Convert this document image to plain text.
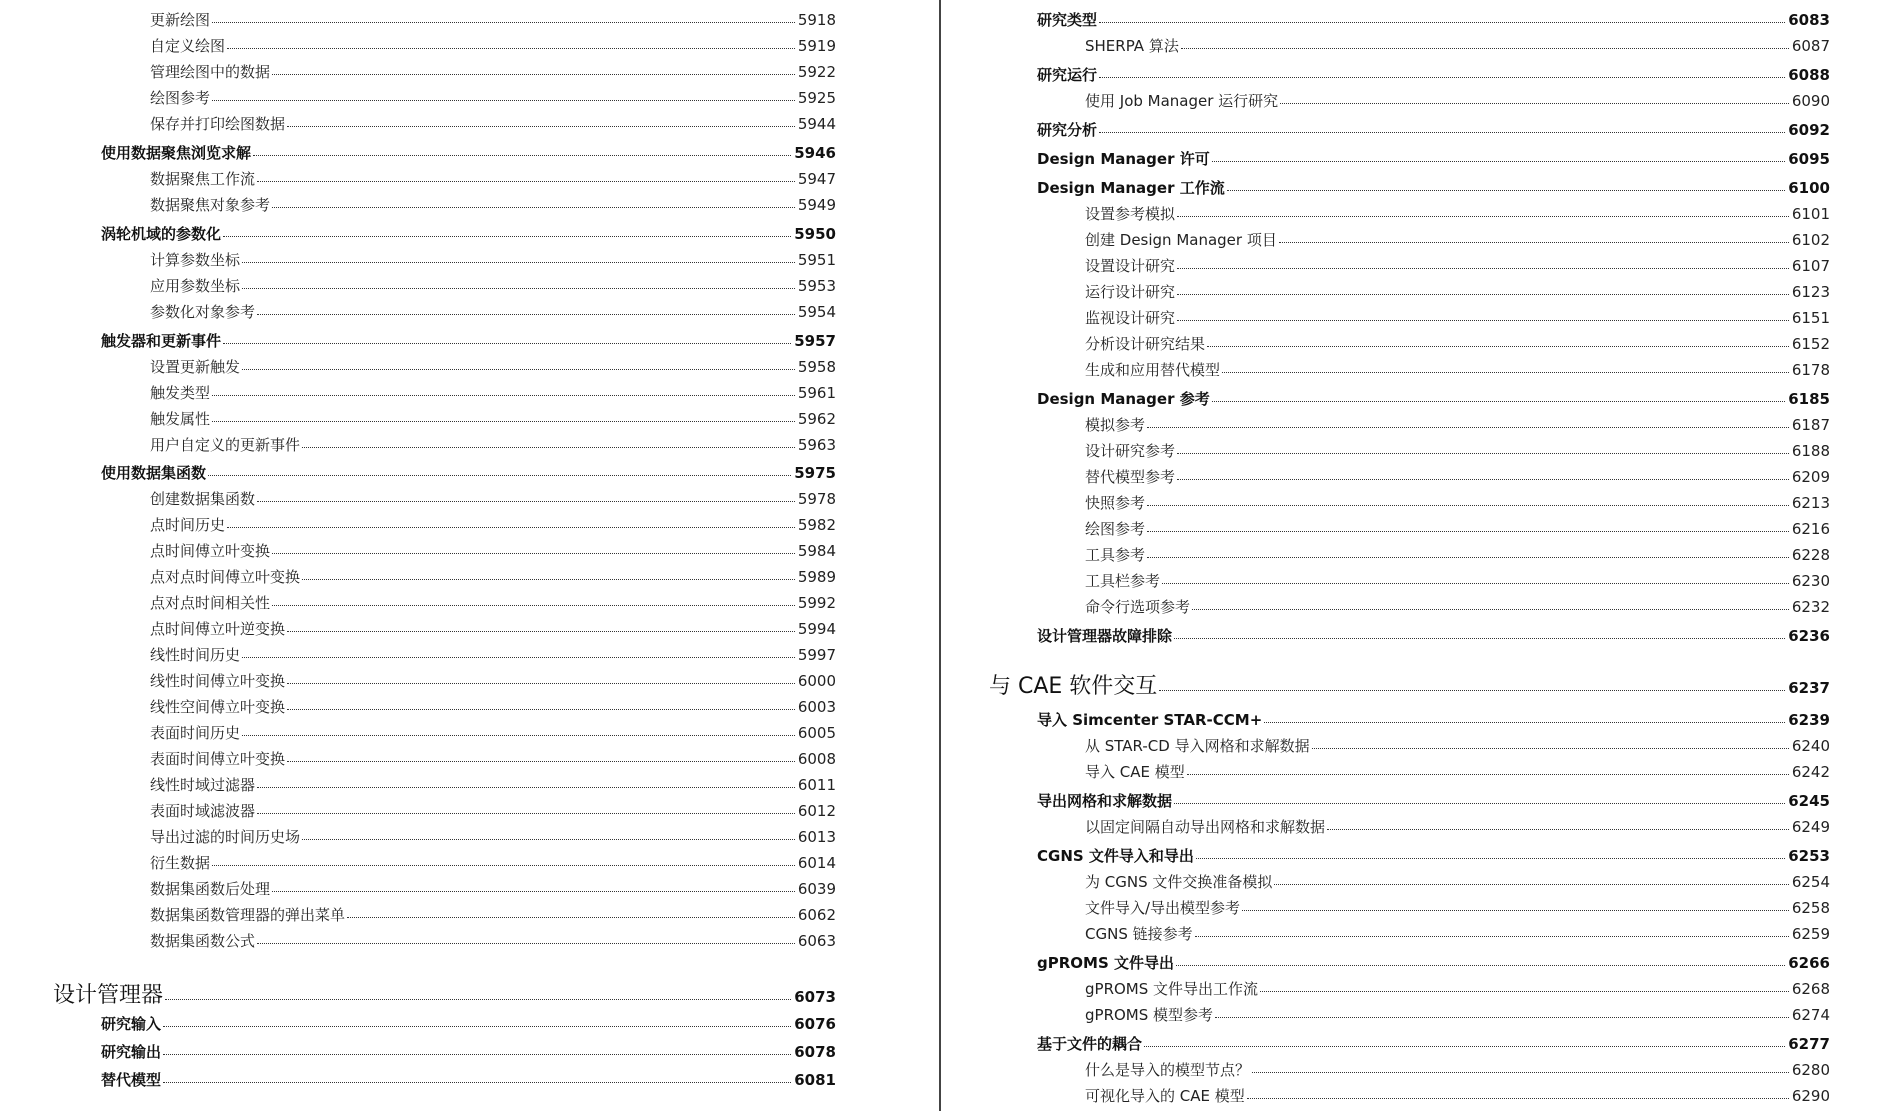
更新绘图	5918
自定义绘图	5919
管理绘图中的数据	5922
绘图参考	5925
保存并打印绘图数据	5944
使用数据聚焦浏览求解	5946
数据聚焦工作流	5947
数据聚焦对象参考	5949
涡轮机域的参数化	5950
计算参数坐标	5951
应用参数坐标	5953
参数化对象参考	5954
触发器和更新事件	5957
设置更新触发	5958
触发类型	5961
触发属性	5962
用户自定义的更新事件	5963
使用数据集函数	5975
创建数据集函数	5978
点时间历史	5982
点时间傅立叶变换	5984
点对点时间傅立叶变换	5989
点对点时间相关性	5992
点时间傅立叶逆变换	5994
线性时间历史	5997
线性时间傅立叶变换	6000
线性空间傅立叶变换	6003
表面时间历史	6005
表面时间傅立叶变换	6008
线性时域过滤器	6011
表面时域滤波器	6012
导出过滤的时间历史场	6013
衍生数据	6014
数据集函数后处理	6039
数据集函数管理器的弹出菜单	6062
数据集函数公式	6063
设计管理器	6073
研究输入	6076
研究输出	6078
替代模型	6081
研究类型	6083
SHERPA 算法	6087
研究运行	6088
使用 Job Manager 运行研究	6090
研究分析	6092
Design Manager 许可	6095
Design Manager 工作流	6100
设置参考模拟	6101
创建 Design Manager 项目	6102
设置设计研究	6107
运行设计研究	6123
监视设计研究	6151
分析设计研究结果	6152
生成和应用替代模型	6178
Design Manager 参考	6185
模拟参考	6187
设计研究参考	6188
替代模型参考	6209
快照参考	6213
绘图参考	6216
工具参考	6228
工具栏参考	6230
命令行选项参考	6232
设计管理器故障排除	6236
与 CAE 软件交互	6237
导入 Simcenter STAR-CCM+	6239
从 STAR-CD 导入网格和求解数据	6240
导入 CAE 模型	6242
导出网格和求解数据	6245
以固定间隔自动导出网格和求解数据	6249
CGNS 文件导入和导出	6253
为 CGNS 文件交换准备模拟	6254
文件导入/导出模型参考	6258
CGNS 链接参考	6259
gPROMS 文件导出	6266
gPROMS 文件导出工作流	6268
gPROMS 模型参考	6274
基于文件的耦合	6277
什么是导入的模型节点？	6280
可视化导入的 CAE 模型	6290
